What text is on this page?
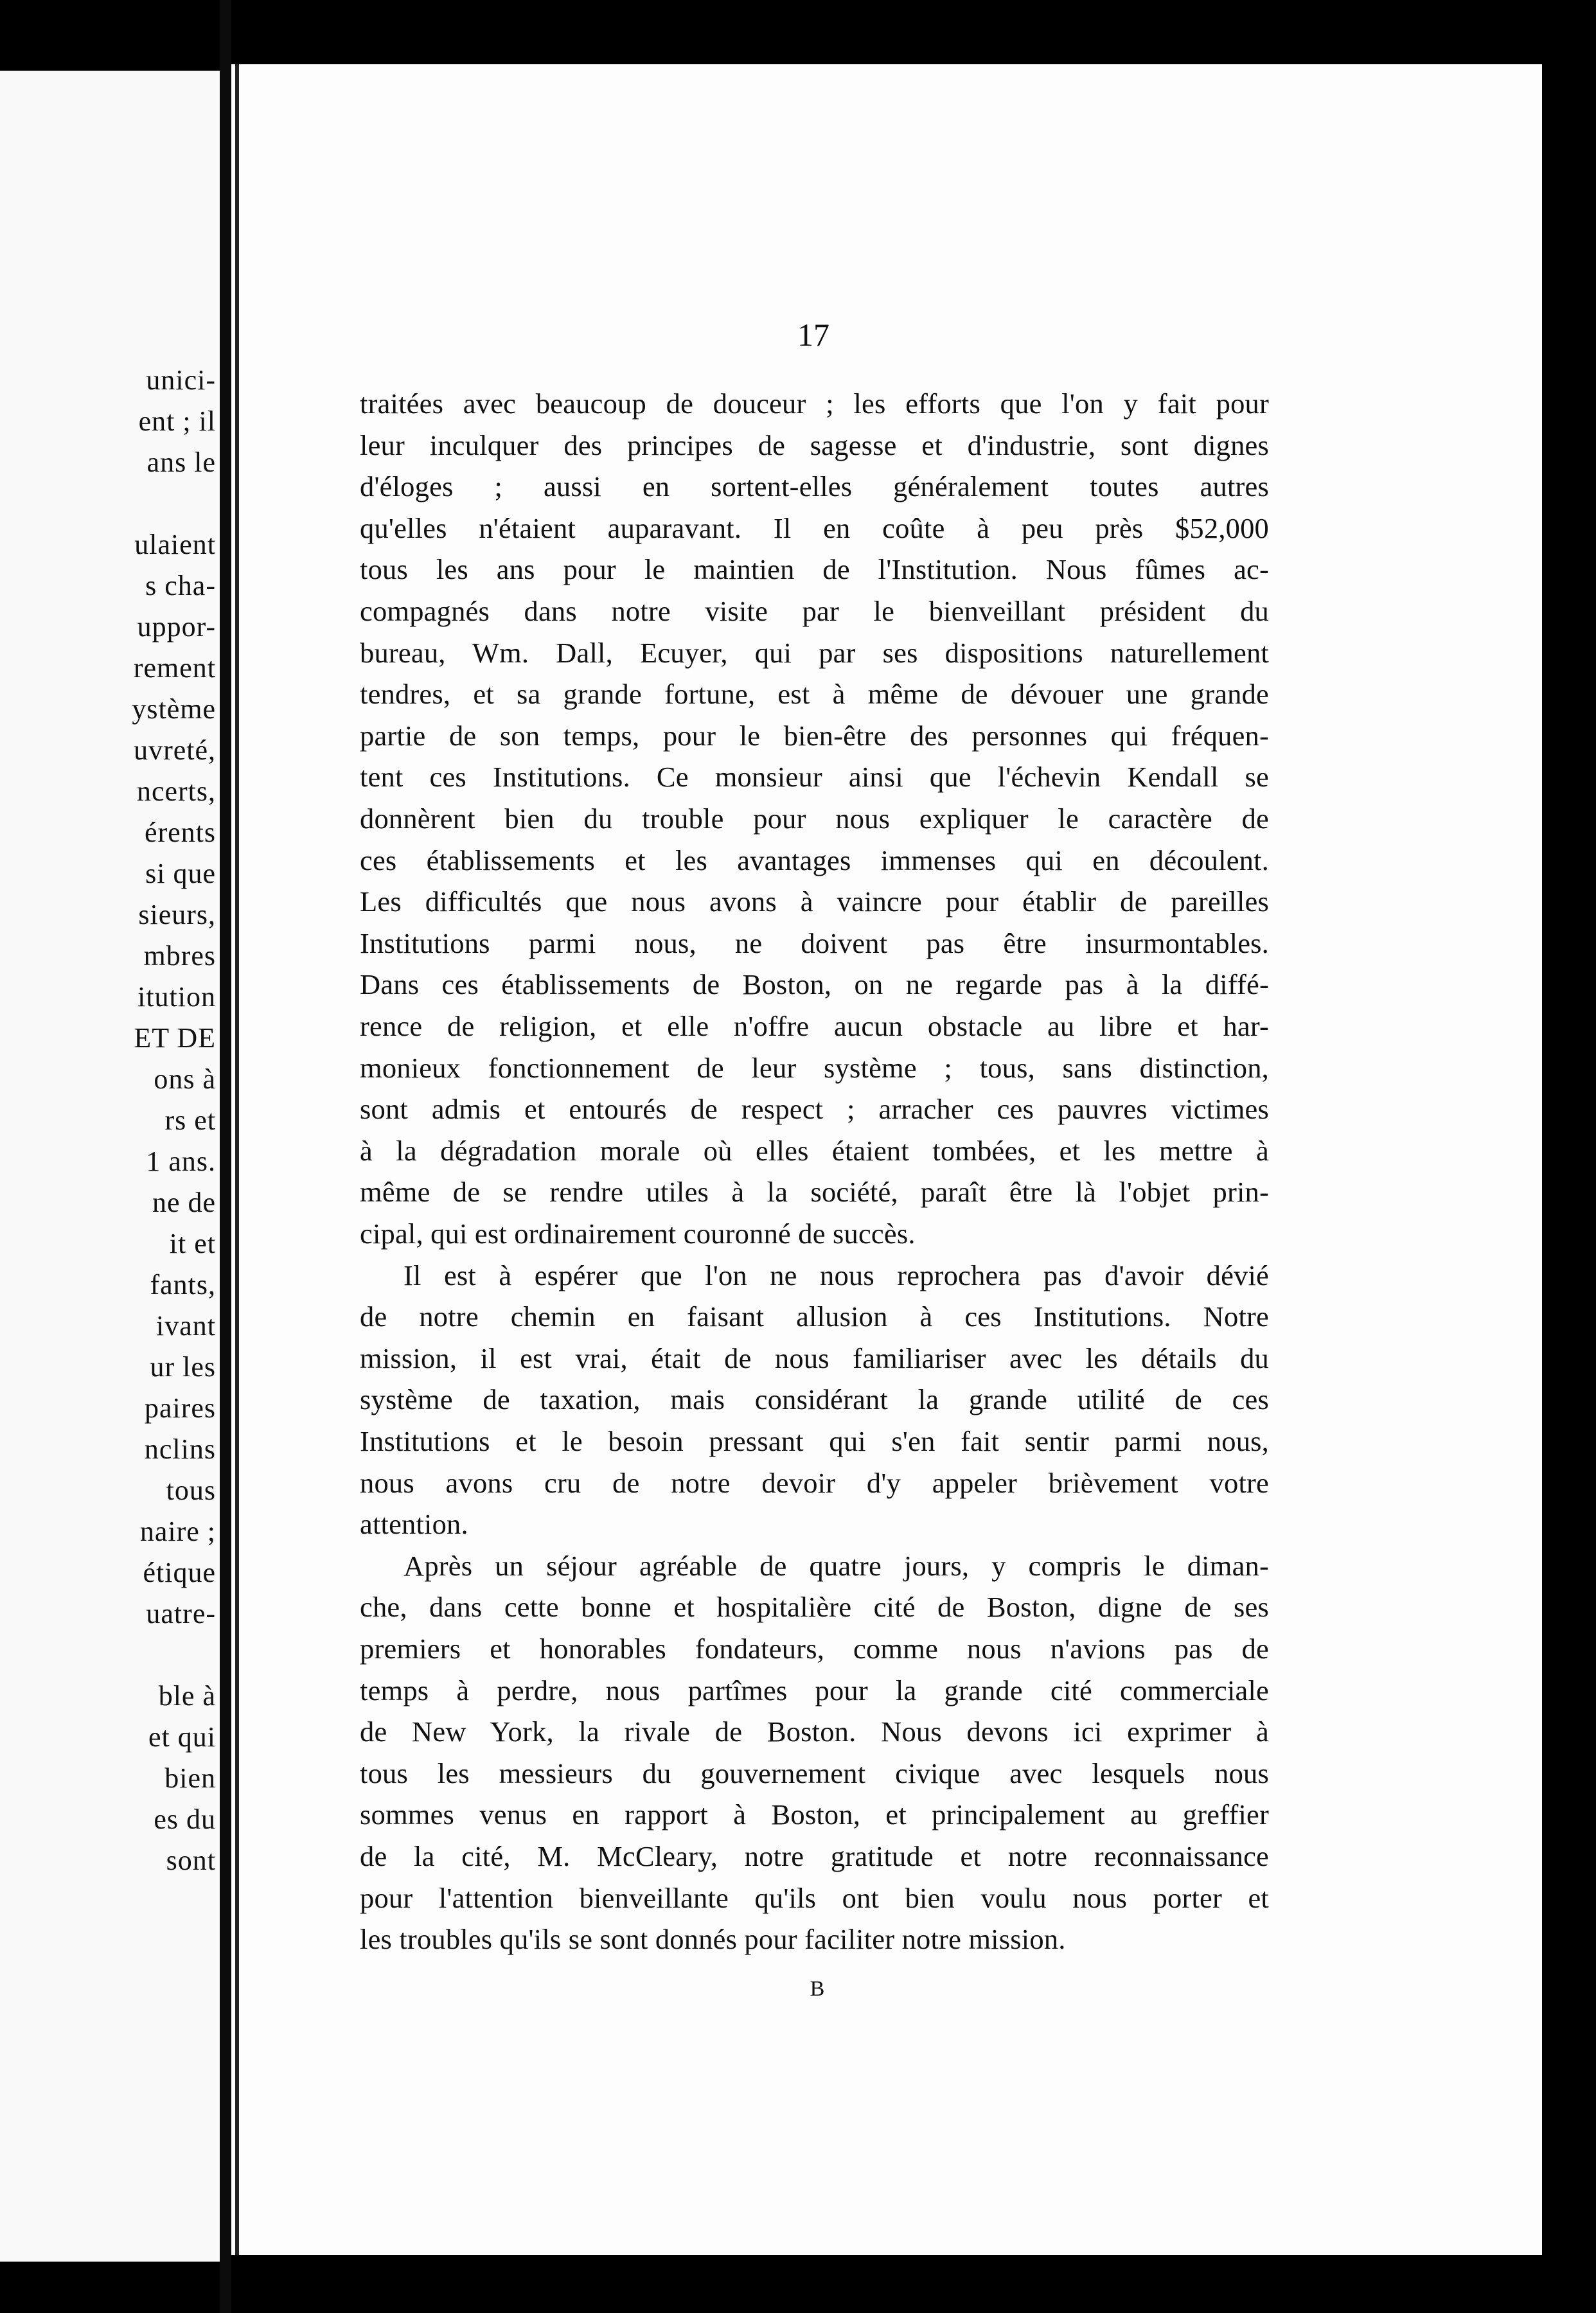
unici-
ent ; il
ans le
ulaient
s cha-
uppor-
rement
ystème
uvreté,
ncerts,
érents
si que
sieurs,
mbres
itution
ET DE
ons à
rs et
1 ans.
ne de
it et
fants,
ivant
ur les
paires
nclins
tous
naire ;
étique
uatre-
ble à
et qui
bien
es du
sont
17
traitées avec beaucoup de douceur ; les efforts que l'on y fait pour
leur inculquer des principes de sagesse et d'industrie, sont dignes
d'éloges ; aussi en sortent-elles généralement toutes autres
qu'elles n'étaient auparavant. Il en coûte à peu près $52,000
tous les ans pour le maintien de l'Institution. Nous fûmes ac-
compagnés dans notre visite par le bienveillant président du
bureau, Wm. Dall, Ecuyer, qui par ses dispositions naturellement
tendres, et sa grande fortune, est à même de dévouer une grande
partie de son temps, pour le bien-être des personnes qui fréquen-
tent ces Institutions. Ce monsieur ainsi que l'échevin Kendall se
donnèrent bien du trouble pour nous expliquer le caractère de
ces établissements et les avantages immenses qui en découlent.
Les difficultés que nous avons à vaincre pour établir de pareilles
Institutions parmi nous, ne doivent pas être insurmontables.
Dans ces établissements de Boston, on ne regarde pas à la diffé-
rence de religion, et elle n'offre aucun obstacle au libre et har-
monieux fonctionnement de leur système ; tous, sans distinction,
sont admis et entourés de respect ; arracher ces pauvres victimes
à la dégradation morale où elles étaient tombées, et les mettre à
même de se rendre utiles à la société, paraît être là l'objet prin-
cipal, qui est ordinairement couronné de succès.
Il est à espérer que l'on ne nous reprochera pas d'avoir dévié
de notre chemin en faisant allusion à ces Institutions. Notre
mission, il est vrai, était de nous familiariser avec les détails du
système de taxation, mais considérant la grande utilité de ces
Institutions et le besoin pressant qui s'en fait sentir parmi nous,
nous avons cru de notre devoir d'y appeler brièvement votre
attention.
Après un séjour agréable de quatre jours, y compris le diman-
che, dans cette bonne et hospitalière cité de Boston, digne de ses
premiers et honorables fondateurs, comme nous n'avions pas de
temps à perdre, nous partîmes pour la grande cité commerciale
de New York, la rivale de Boston. Nous devons ici exprimer à
tous les messieurs du gouvernement civique avec lesquels nous
sommes venus en rapport à Boston, et principalement au greffier
de la cité, M. McCleary, notre gratitude et notre reconnaissance
pour l'attention bienveillante qu'ils ont bien voulu nous porter et
les troubles qu'ils se sont donnés pour faciliter notre mission.
B
